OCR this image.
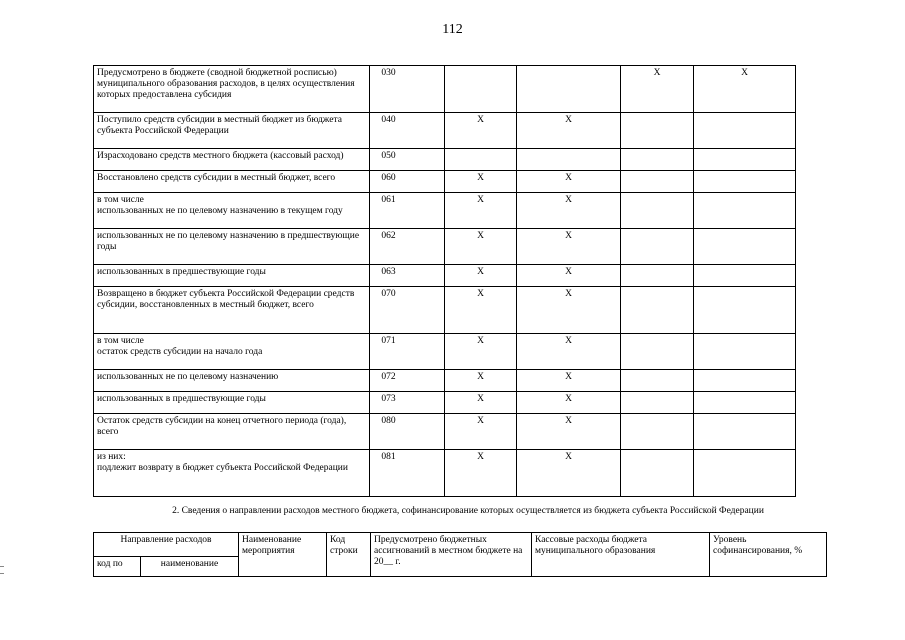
112
Предусмотрено в бюджете (сводной бюджетной росписью) муниципального образования расходов, в целях осуществления которых предоставлена субсидия	030			X	X
Поступило средств субсидии в местный бюджет из бюджета субъекта Российской Федерации	040	X	X		
Израсходовано средств местного бюджета (кассовый расход)	050				
Восстановлено средств субсидии в местный бюджет, всего	060	X	X		
в том числе
использованных не по целевому назначению в текущем году	061	X	X		
использованных не по целевому назначению в предшествующие годы	062	X	X		
использованных в предшествующие годы	063	X	X		
Возвращено в бюджет субъекта Российской Федерации средств субсидии, восстановленных в местный бюджет, всего	070	X	X		
в том числе
остаток средств субсидии на начало года	071	X	X		
использованных не по целевому назначению	072	X	X		
использованных в предшествующие годы	073	X	X		
Остаток средств субсидии на конец отчетного периода (года), всего	080	X	X		
из них:
подлежит возврату в бюджет субъекта Российской Федерации	081	X	X		
2. Сведения о направлении расходов местного бюджета, софинансирование которых осуществляется из бюджета субъекта Российской Федерации
Направление расходов		Наименование мероприятия	Код строки	Предусмотрено бюджетных ассигнований в местном бюджете на 20__ г.	Кассовые расходы бюджета муниципального образования	Уровень софинансирования, %
код по	наименование					
